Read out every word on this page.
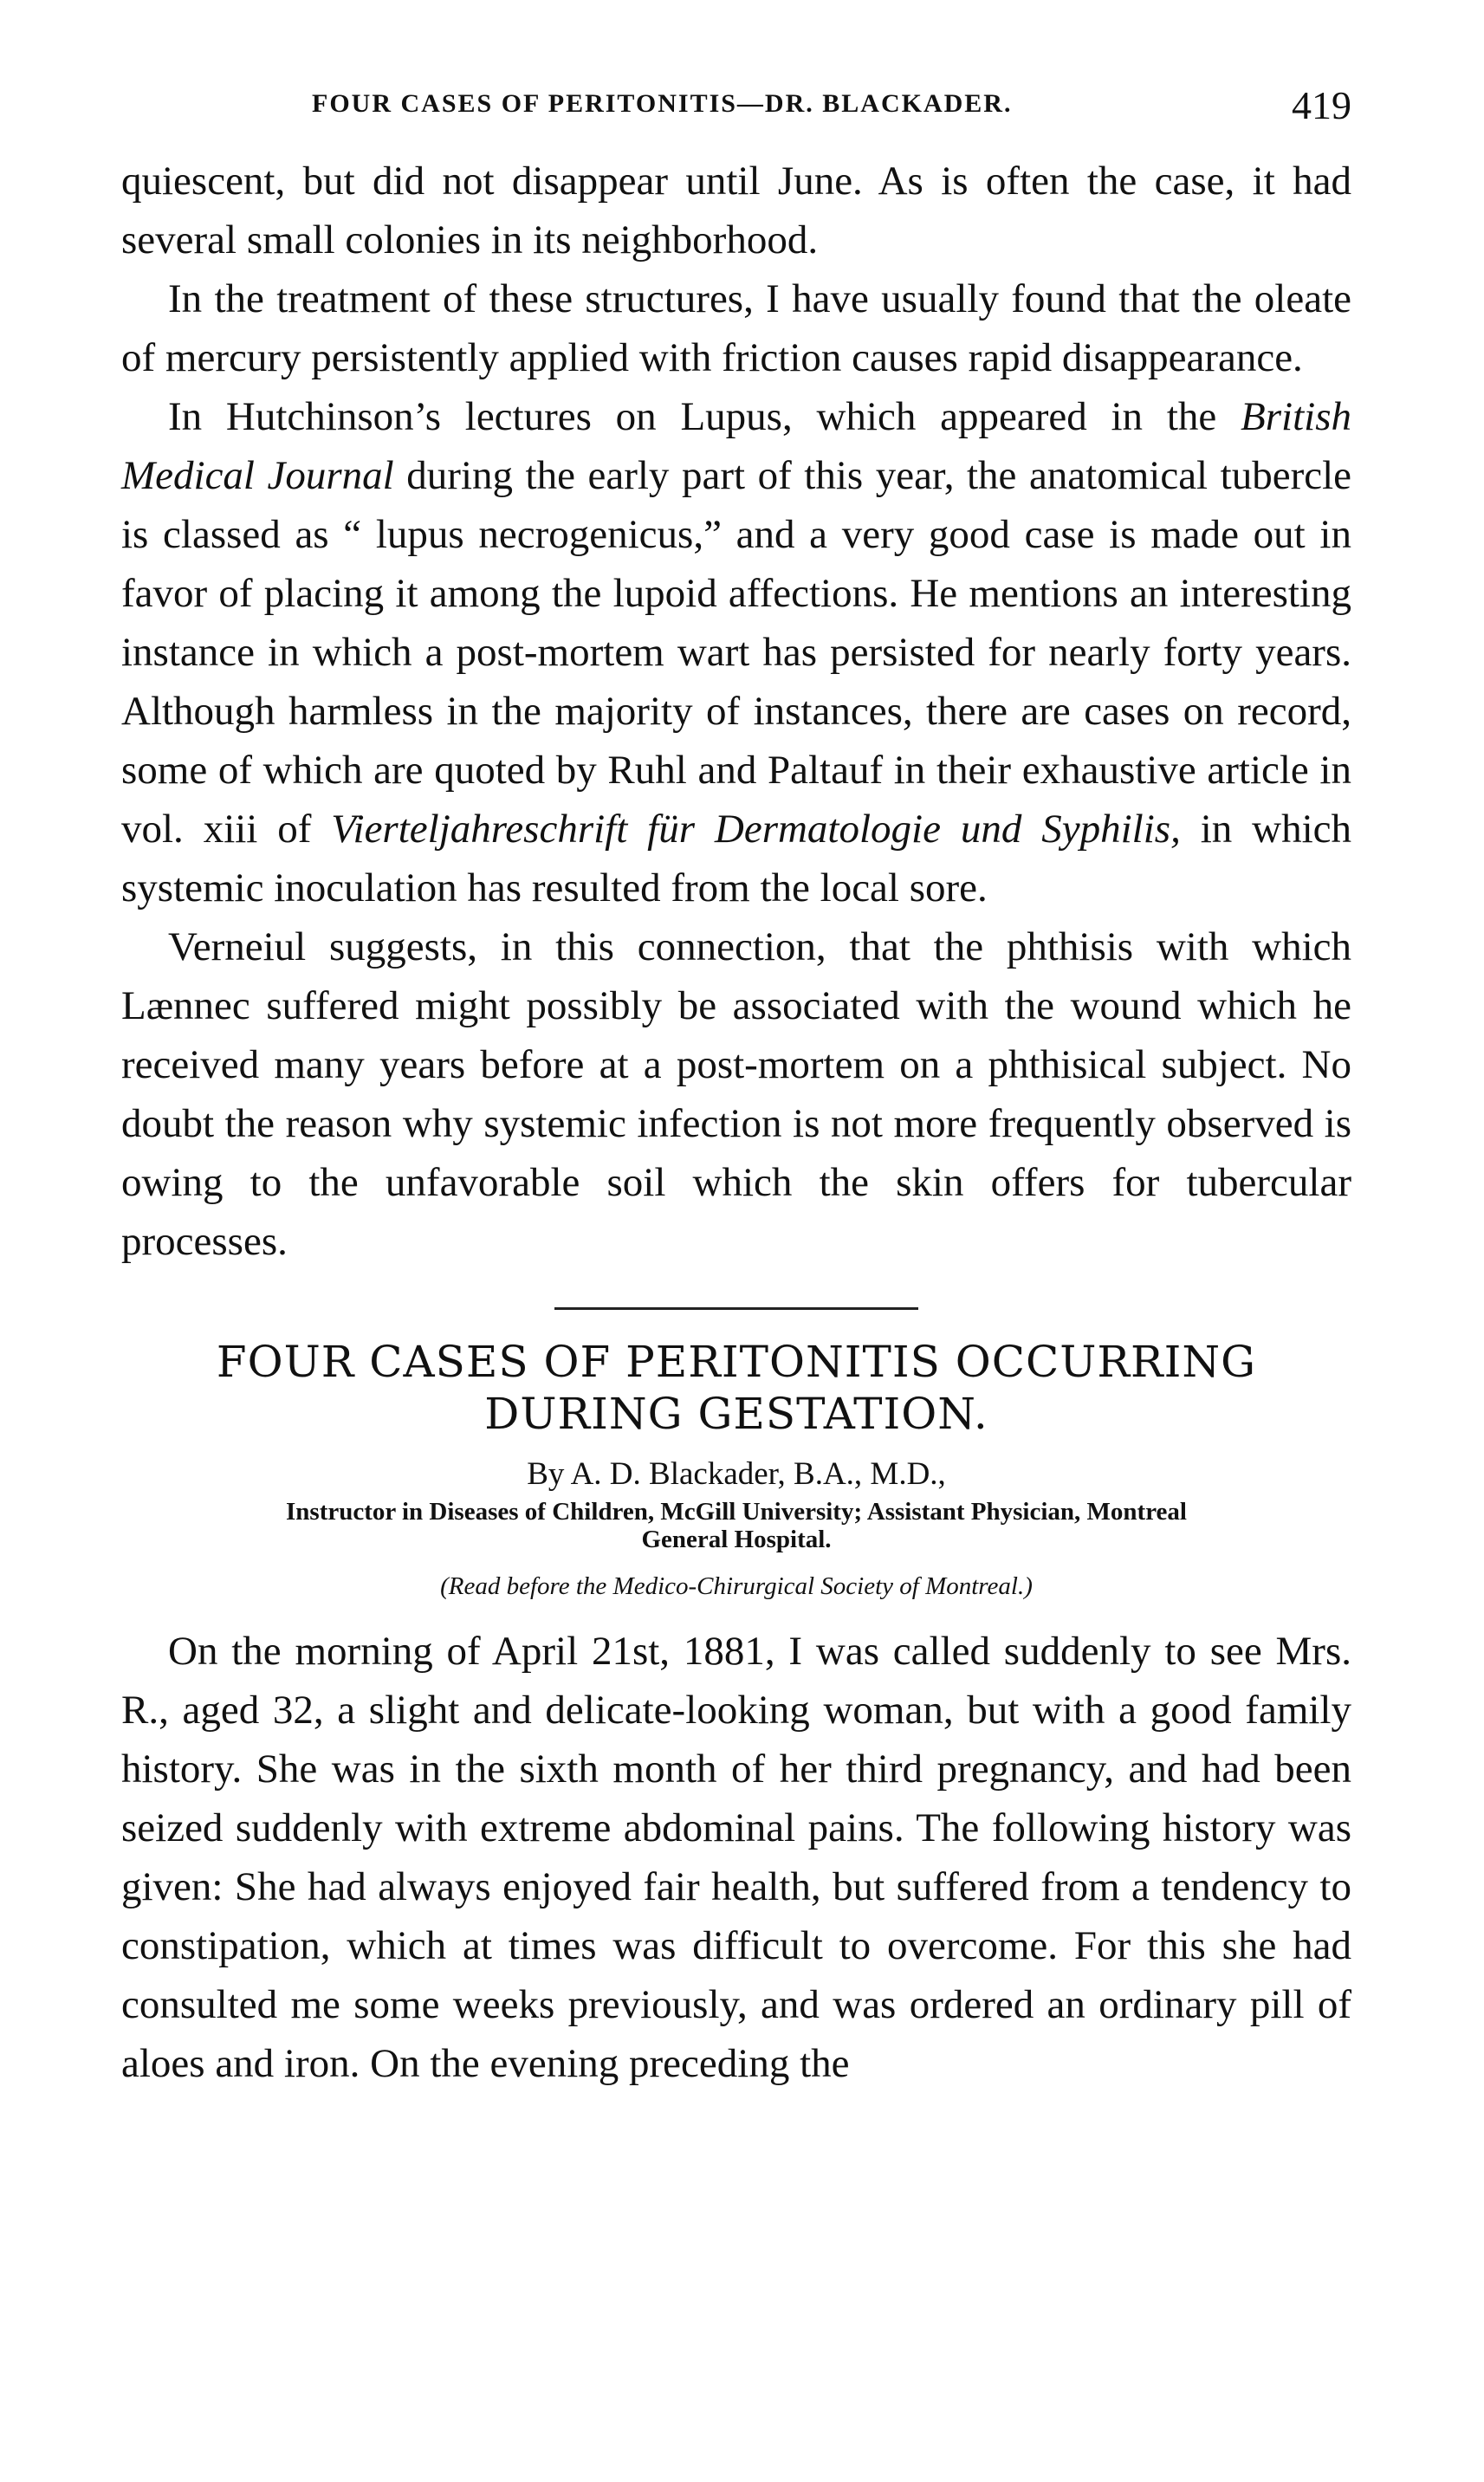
FOUR CASES OF PERITONITIS—DR. BLACKADER.	419

quiescent, but did not disappear until June. As is often the case, it had several small colonies in its neighborhood.

In the treatment of these structures, I have usually found that the oleate of mercury persistently applied with friction causes rapid disappearance.

In Hutchinson’s lectures on Lupus, which appeared in the British Medical Journal during the early part of this year, the anatomical tubercle is classed as “ lupus necrogenicus,” and a very good case is made out in favor of placing it among the lupoid affections. He mentions an interesting instance in which a post-mortem wart has persisted for nearly forty years. Although harmless in the majority of instances, there are cases on record, some of which are quoted by Ruhl and Paltauf in their exhaustive article in vol. xiii of Vierteljahreschrift für Dermatologie und Syphilis, in which systemic inoculation has resulted from the local sore.

Verneiul suggests, in this connection, that the phthisis with which Lænnec suffered might possibly be associated with the wound which he received many years before at a post-mortem on a phthisical subject. No doubt the reason why systemic infection is not more frequently observed is owing to the unfavorable soil which the skin offers for tubercular processes.

FOUR CASES OF PERITONITIS OCCURRING

DURING GESTATION.

By A. D. Blackader, B.A., M.D.,

Instructor in Diseases of Children, McGill University; Assistant Physician, Montreal
General Hospital.

(Read before the Medico-Chirurgical Society of Montreal.)

On the morning of April 21st, 1881, I was called suddenly to see Mrs. R., aged 32, a slight and delicate-looking woman, but with a good family history. She was in the sixth month of her third pregnancy, and had been seized suddenly with extreme abdominal pains. The following history was given: She had always enjoyed fair health, but suffered from a tendency to constipation, which at times was difficult to overcome. For this she had consulted me some weeks previously, and was ordered an ordinary pill of aloes and iron. On the evening preceding the
